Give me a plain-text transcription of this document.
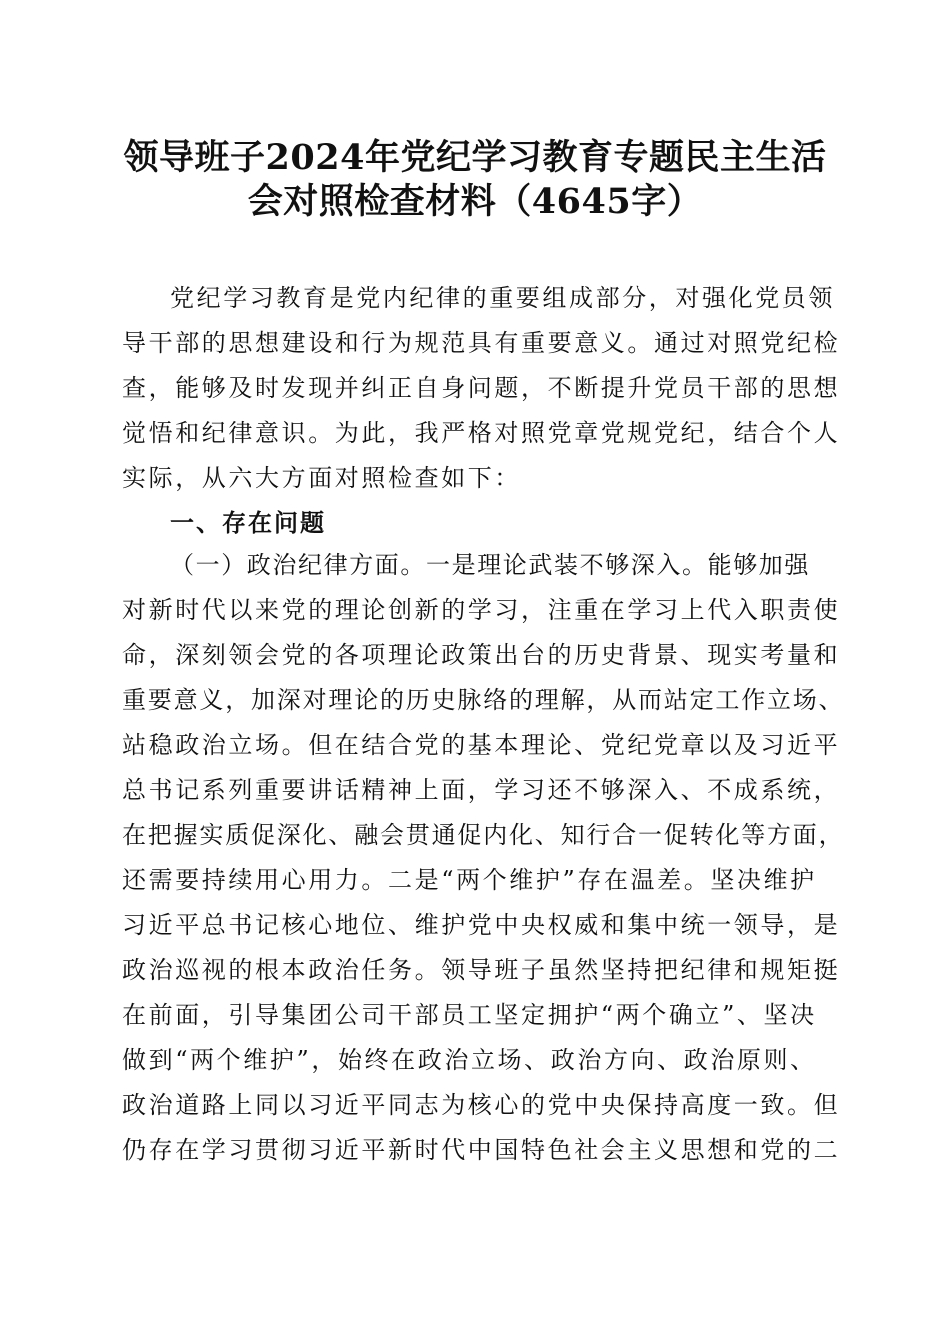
领导班子2024年党纪学习教育专题民主生活
会对照检查材料（4645字）
党纪学习教育是党内纪律的重要组成部分，对强化党员领
导干部的思想建设和行为规范具有重要意义。通过对照党纪检
查，能够及时发现并纠正自身问题，不断提升党员干部的思想
觉悟和纪律意识。为此，我严格对照党章党规党纪，结合个人
实际，从六大方面对照检查如下：
一、存在问题
（一）政治纪律方面。一是理论武装不够深入。能够加强
对新时代以来党的理论创新的学习，注重在学习上代入职责使
命，深刻领会党的各项理论政策出台的历史背景、现实考量和
重要意义，加深对理论的历史脉络的理解，从而站定工作立场、
站稳政治立场。但在结合党的基本理论、党纪党章以及习近平
总书记系列重要讲话精神上面，学习还不够深入、不成系统，
在把握实质促深化、融会贯通促内化、知行合一促转化等方面，
还需要持续用心用力。二是“两个维护”存在温差。坚决维护
习近平总书记核心地位、维护党中央权威和集中统一领导，是
政治巡视的根本政治任务。领导班子虽然坚持把纪律和规矩挺
在前面，引导集团公司干部员工坚定拥护“两个确立”、坚决
做到“两个维护”，始终在政治立场、政治方向、政治原则、
政治道路上同以习近平同志为核心的党中央保持高度一致。但
仍存在学习贯彻习近平新时代中国特色社会主义思想和党的二
